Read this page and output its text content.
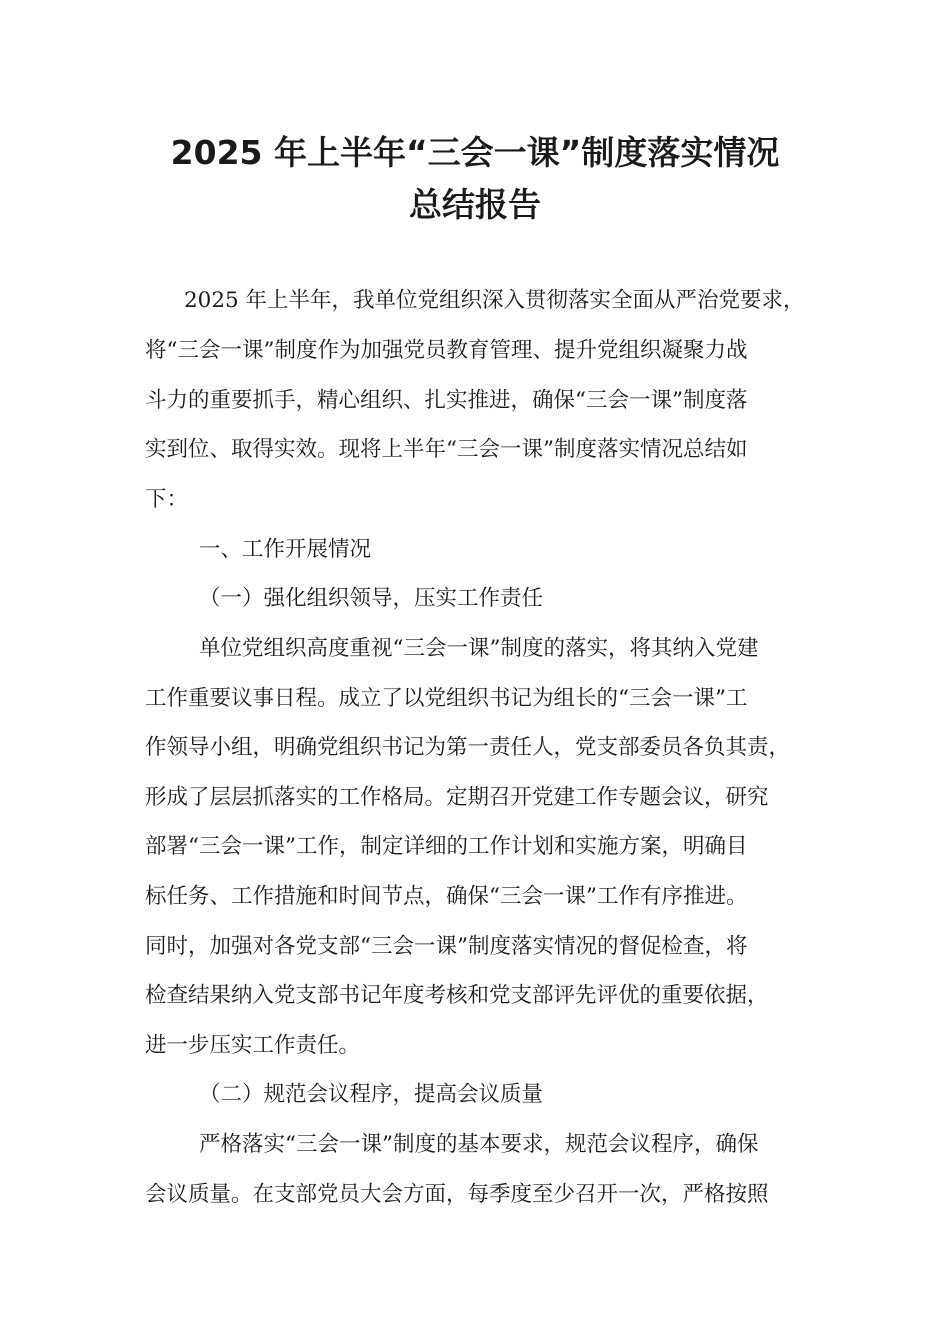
2025 年上半年“三会一课”制度落实情况
总结报告
2025 年上半年，我单位党组织深入贯彻落实全面从严治党要求，
将“三会一课”制度作为加强党员教育管理、提升党组织凝聚力战
斗力的重要抓手，精心组织、扎实推进，确保“三会一课”制度落
实到位、取得实效。现将上半年“三会一课”制度落实情况总结如
下：
一、工作开展情况
（一）强化组织领导，压实工作责任
单位党组织高度重视“三会一课”制度的落实，将其纳入党建
工作重要议事日程。成立了以党组织书记为组长的“三会一课”工
作领导小组，明确党组织书记为第一责任人，党支部委员各负其责，
形成了层层抓落实的工作格局。定期召开党建工作专题会议，研究
部署“三会一课”工作，制定详细的工作计划和实施方案，明确目
标任务、工作措施和时间节点，确保“三会一课”工作有序推进。
同时，加强对各党支部“三会一课”制度落实情况的督促检查，将
检查结果纳入党支部书记年度考核和党支部评先评优的重要依据，
进一步压实工作责任。
（二）规范会议程序，提高会议质量
严格落实“三会一课”制度的基本要求，规范会议程序，确保
会议质量。在支部党员大会方面，每季度至少召开一次，严格按照
